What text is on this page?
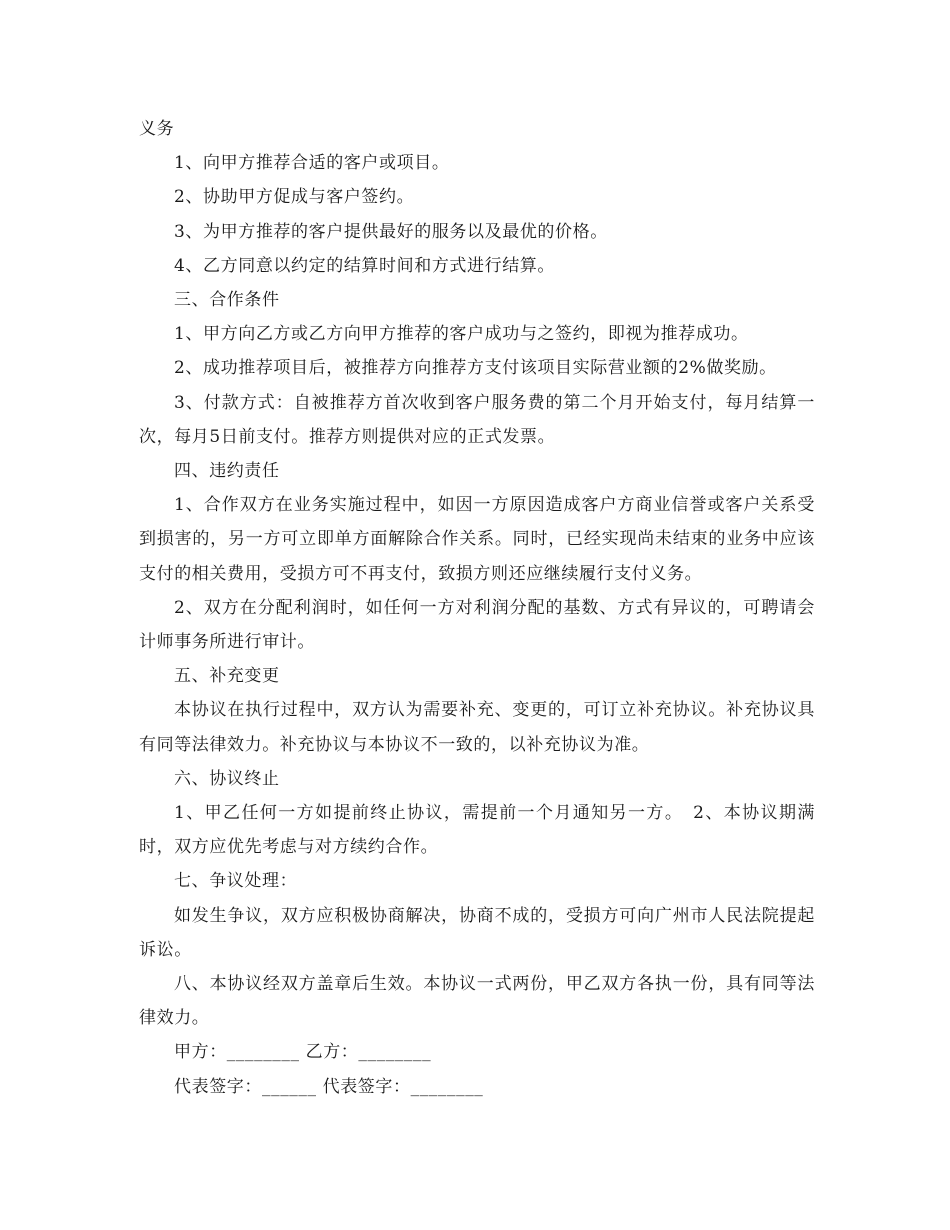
义务

1、向甲方推荐合适的客户或项目。

2、协助甲方促成与客户签约。

3、为甲方推荐的客户提供最好的服务以及最优的价格。

4、乙方同意以约定的结算时间和方式进行结算。

三、合作条件

1、甲方向乙方或乙方向甲方推荐的客户成功与之签约，即视为推荐成功。

2、成功推荐项目后，被推荐方向推荐方支付该项目实际营业额的2%做奖励。

3、付款方式：自被推荐方首次收到客户服务费的第二个月开始支付，每月结算一次，每月5日前支付。推荐方则提供对应的正式发票。

四、违约责任

1、合作双方在业务实施过程中，如因一方原因造成客户方商业信誉或客户关系受到损害的，另一方可立即单方面解除合作关系。同时，已经实现尚未结束的业务中应该支付的相关费用，受损方可不再支付，致损方则还应继续履行支付义务。

2、双方在分配利润时，如任何一方对利润分配的基数、方式有异议的，可聘请会计师事务所进行审计。

五、补充变更

本协议在执行过程中，双方认为需要补充、变更的，可订立补充协议。补充协议具有同等法律效力。补充协议与本协议不一致的，以补充协议为准。

六、协议终止

1、甲乙任何一方如提前终止协议，需提前一个月通知另一方。　2、本协议期满时，双方应优先考虑与对方续约合作。

七、争议处理：

如发生争议，双方应积极协商解决，协商不成的，受损方可向广州市人民法院提起诉讼。

八、本协议经双方盖章后生效。本协议一式两份，甲乙双方各执一份，具有同等法律效力。

甲方：________ 乙方：________

代表签字：______ 代表签字：________
